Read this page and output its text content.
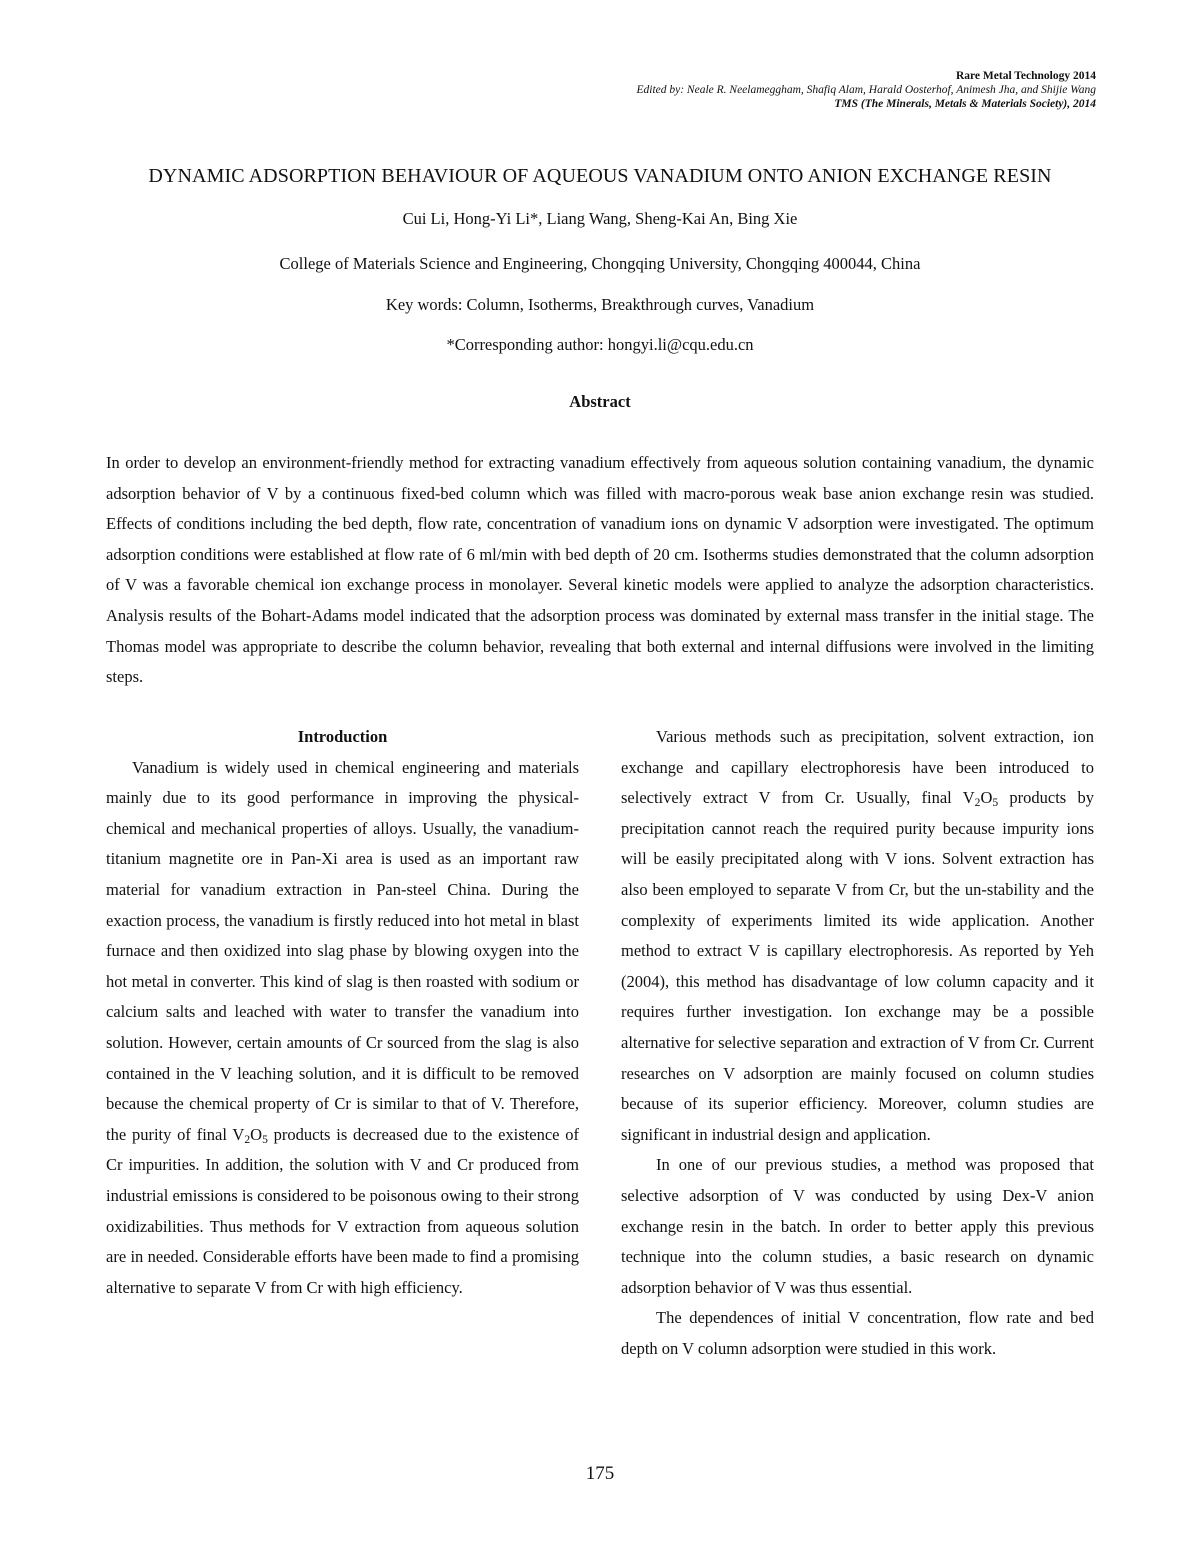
Rare Metal Technology 2014
Edited by: Neale R. Neelameggham, Shafiq Alam, Harald Oosterhof, Animesh Jha, and Shijie Wang
TMS (The Minerals, Metals & Materials Society), 2014
DYNAMIC ADSORPTION BEHAVIOUR OF AQUEOUS VANADIUM ONTO ANION EXCHANGE RESIN
Cui Li, Hong-Yi Li*, Liang Wang, Sheng-Kai An, Bing Xie
College of Materials Science and Engineering, Chongqing University, Chongqing 400044, China
Key words: Column, Isotherms, Breakthrough curves, Vanadium
*Corresponding author: hongyi.li@cqu.edu.cn
Abstract

In order to develop an environment-friendly method for extracting vanadium effectively from aqueous solution containing vanadium, the dynamic adsorption behavior of V by a continuous fixed-bed column which was filled with macro-porous weak base anion exchange resin was studied. Effects of conditions including the bed depth, flow rate, concentration of vanadium ions on dynamic V adsorption were investigated. The optimum adsorption conditions were established at flow rate of 6 ml/min with bed depth of 20 cm. Isotherms studies demonstrated that the column adsorption of V was a favorable chemical ion exchange process in monolayer. Several kinetic models were applied to analyze the adsorption characteristics. Analysis results of the Bohart-Adams model indicated that the adsorption process was dominated by external mass transfer in the initial stage. The Thomas model was appropriate to describe the column behavior, revealing that both external and internal diffusions were involved in the limiting steps.

Introduction

Vanadium is widely used in chemical engineering and materials mainly due to its good performance in improving the physical-chemical and mechanical properties of alloys. Usually, the vanadium-titanium magnetite ore in Pan-Xi area is used as an important raw material for vanadium extraction in Pan-steel China. During the exaction process, the vanadium is firstly reduced into hot metal in blast furnace and then oxidized into slag phase by blowing oxygen into the hot metal in converter. This kind of slag is then roasted with sodium or calcium salts and leached with water to transfer the vanadium into solution. However, certain amounts of Cr sourced from the slag is also contained in the V leaching solution, and it is difficult to be removed because the chemical property of Cr is similar to that of V. Therefore, the purity of final $V_2O_5$ products is decreased due to the existence of Cr impurities. In addition, the solution with V and Cr produced from industrial emissions is considered to be poisonous owing to their strong oxidizabilities. Thus methods for V extraction from aqueous solution are in needed. Considerable efforts have been made to find a promising alternative to separate V from Cr with high efficiency.

Various methods such as precipitation, solvent extraction, ion exchange and capillary electrophoresis have been introduced to selectively extract V from Cr. Usually, final $V_2O_5$ products by precipitation cannot reach the required purity because impurity ions will be easily precipitated along with V ions. Solvent extraction has also been employed to separate V from Cr, but the un-stability and the complexity of experiments limited its wide application. Another method to extract V is capillary electrophoresis. As reported by Yeh (2004), this method has disadvantage of low column capacity and it requires further investigation. Ion exchange may be a possible alternative for selective separation and extraction of V from Cr. Current researches on V adsorption are mainly focused on column studies because of its superior efficiency. Moreover, column studies are significant in industrial design and application.

In one of our previous studies, a method was proposed that selective adsorption of V was conducted by using Dex-V anion exchange resin in the batch. In order to better apply this previous technique into the column studies, a basic research on dynamic adsorption behavior of V was thus essential.

The dependences of initial V concentration, flow rate and bed depth on V column adsorption were studied in this work.

175
